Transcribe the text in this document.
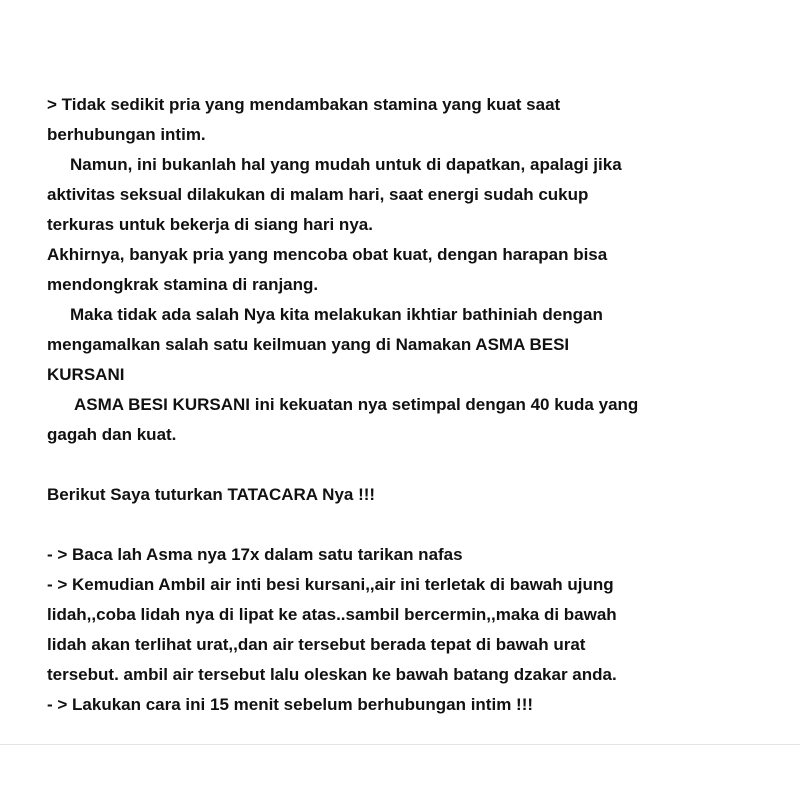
> Tidak sedikit pria yang mendambakan stamina yang kuat saat
berhubungan intim.
Namun, ini bukanlah hal yang mudah untuk di dapatkan, apalagi jika
aktivitas seksual dilakukan di malam hari, saat energi sudah cukup
terkuras untuk bekerja di siang hari nya.
Akhirnya, banyak pria yang mencoba obat kuat, dengan harapan bisa
mendongkrak stamina di ranjang.
Maka tidak ada salah Nya kita melakukan ikhtiar bathiniah dengan
mengamalkan salah satu keilmuan yang di Namakan ASMA BESI
KURSANI
ASMA BESI KURSANI ini kekuatan nya setimpal dengan 40 kuda yang
gagah dan kuat.
Berikut Saya tuturkan TATACARA Nya !!!
- > Baca lah Asma nya 17x dalam satu tarikan nafas
- > Kemudian Ambil air inti besi kursani,,air ini terletak di bawah ujung
lidah,,coba lidah nya di lipat ke atas..sambil bercermin,,maka di bawah
lidah akan terlihat urat,,dan air tersebut berada tepat di bawah urat
tersebut. ambil air tersebut lalu oleskan ke bawah batang dzakar anda.
- > Lakukan cara ini 15 menit sebelum berhubungan intim !!!
